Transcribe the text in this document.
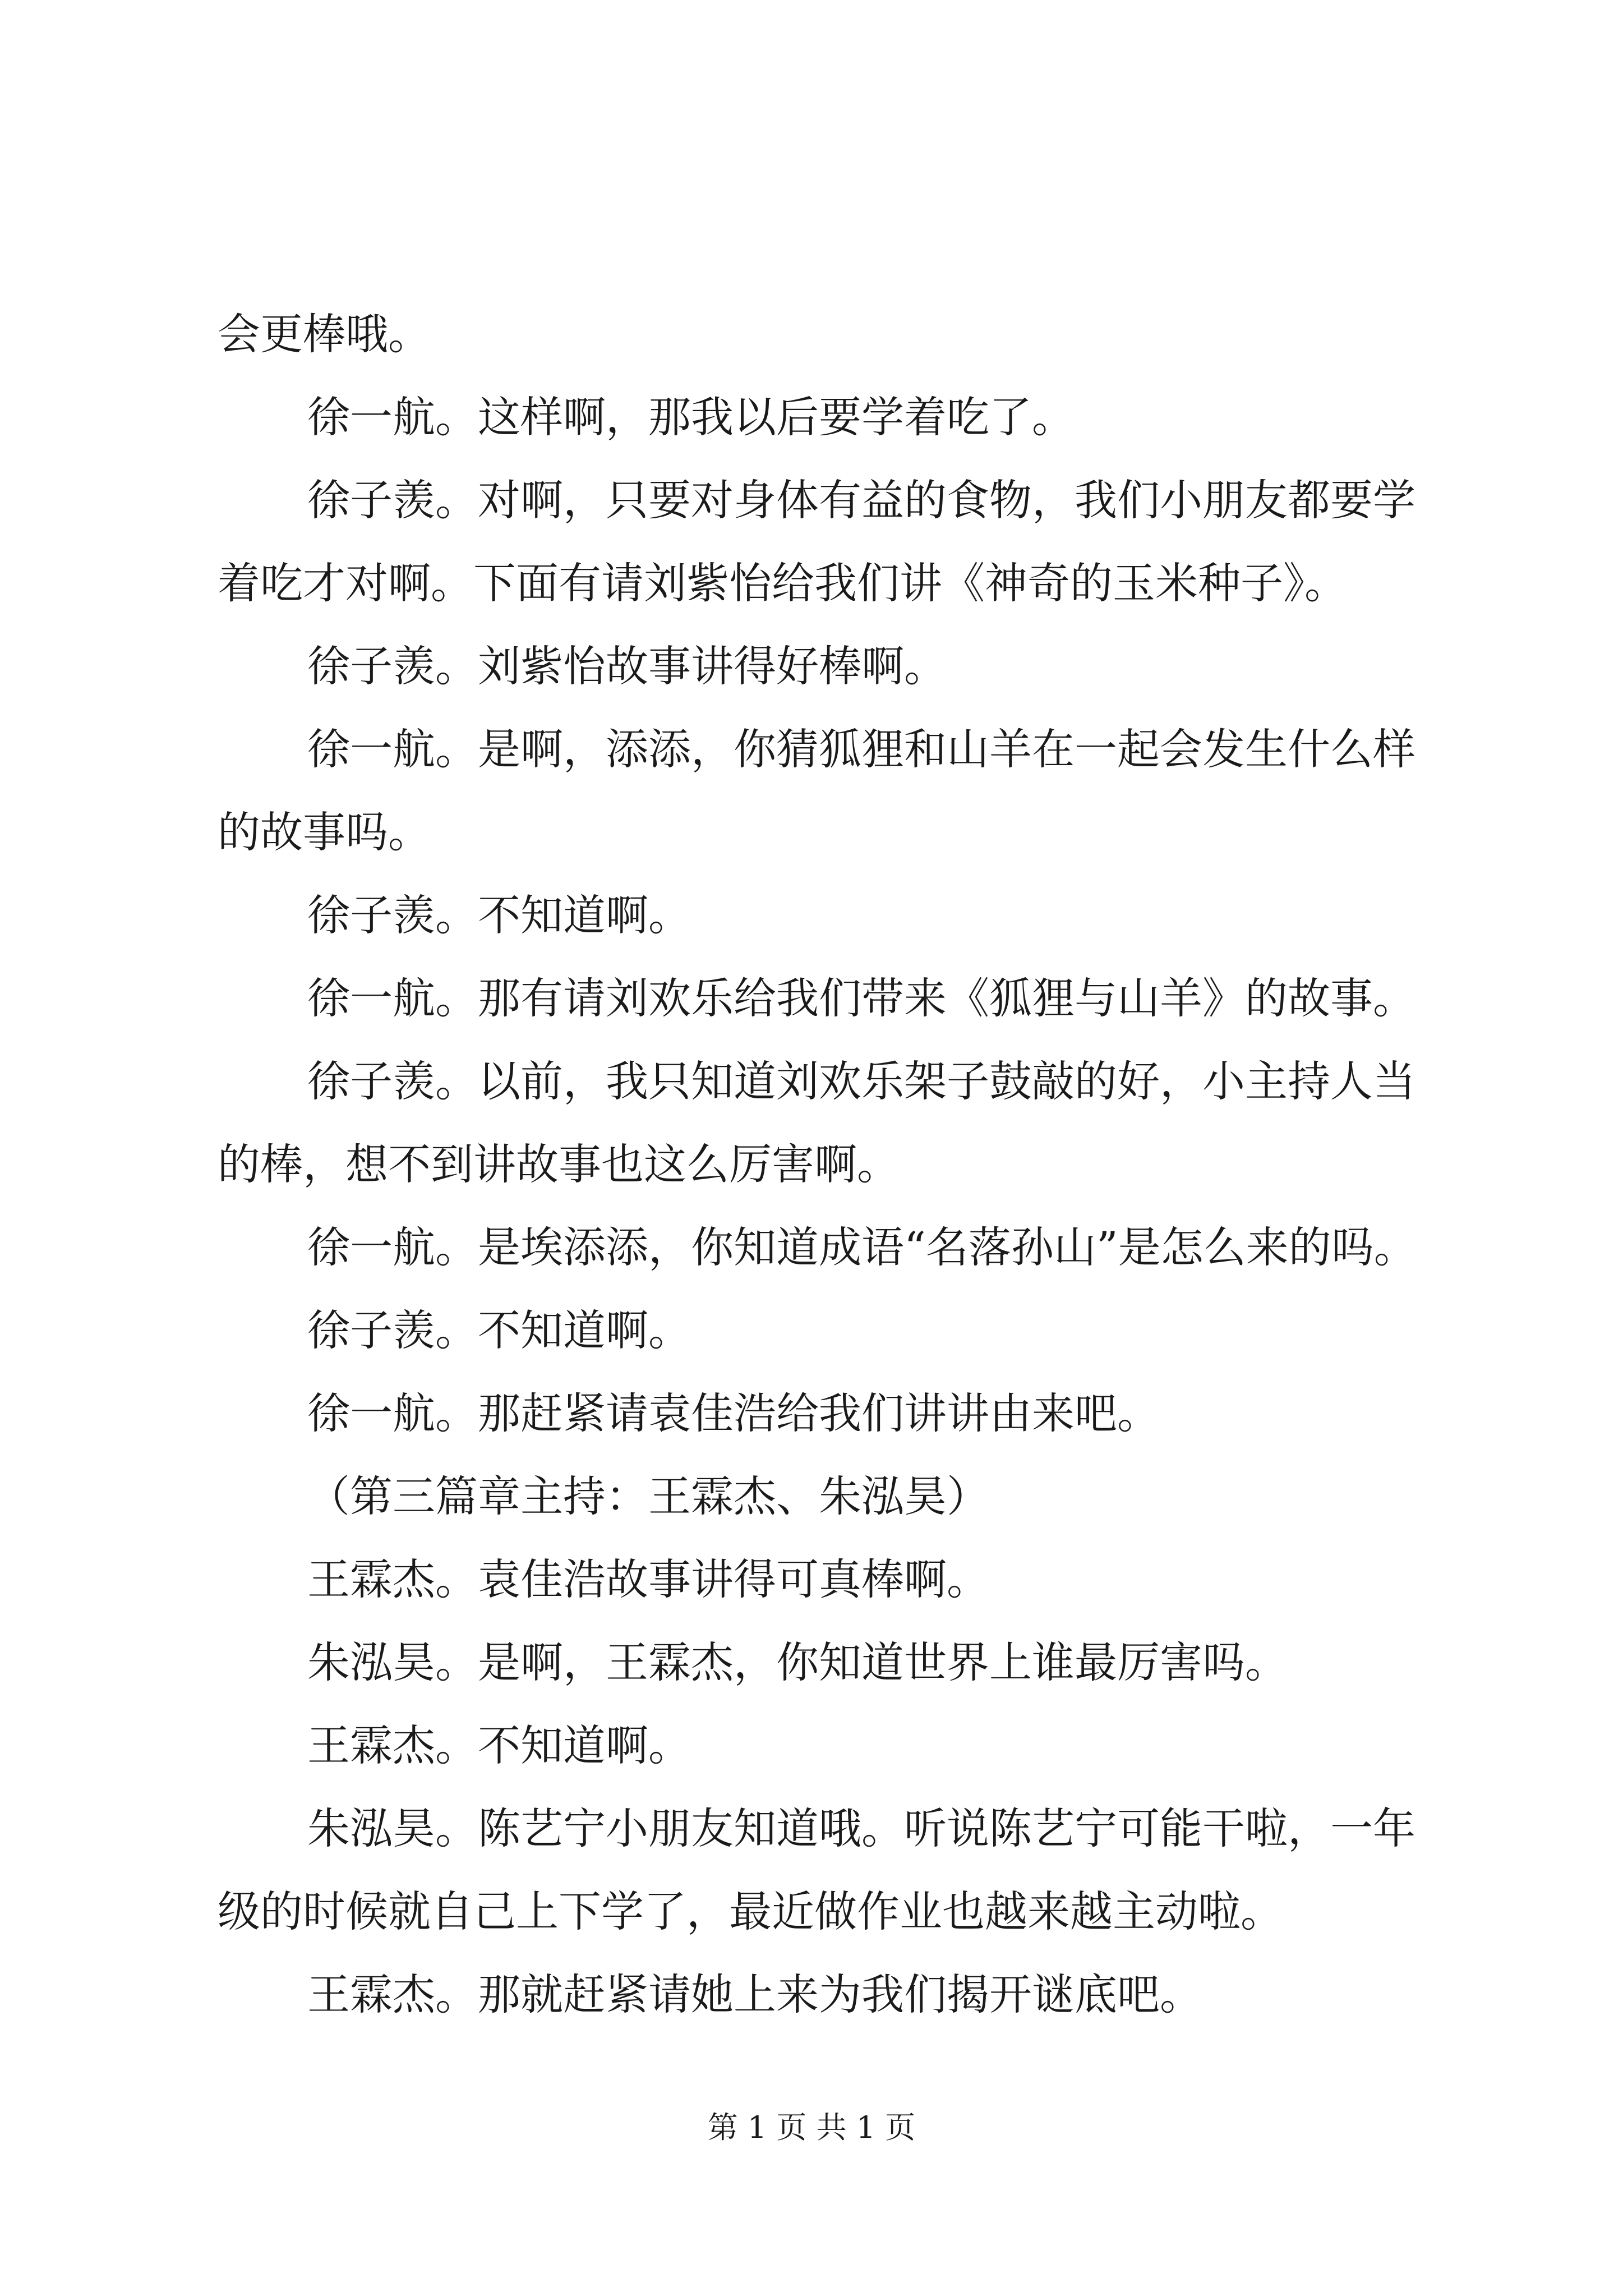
会更棒哦。
徐一航。这样啊，那我以后要学着吃了。
徐子羡。对啊，只要对身体有益的食物，我们小朋友都要学
着吃才对啊。下面有请刘紫怡给我们讲《神奇的玉米种子》。
徐子羡。刘紫怡故事讲得好棒啊。
徐一航。是啊，添添，你猜狐狸和山羊在一起会发生什么样
的故事吗。
徐子羡。不知道啊。
徐一航。那有请刘欢乐给我们带来《狐狸与山羊》的故事。
徐子羡。以前，我只知道刘欢乐架子鼓敲的好，小主持人当
的棒，想不到讲故事也这么厉害啊。
徐一航。是埃添添，你知道成语“名落孙山”是怎么来的吗。
徐子羡。不知道啊。
徐一航。那赶紧请袁佳浩给我们讲讲由来吧。
（第三篇章主持：王霖杰、朱泓昊）
王霖杰。袁佳浩故事讲得可真棒啊。
朱泓昊。是啊，王霖杰，你知道世界上谁最厉害吗。
王霖杰。不知道啊。
朱泓昊。陈艺宁小朋友知道哦。听说陈艺宁可能干啦，一年
级的时候就自己上下学了，最近做作业也越来越主动啦。
王霖杰。那就赶紧请她上来为我们揭开谜底吧。
第 1 页 共 1 页
